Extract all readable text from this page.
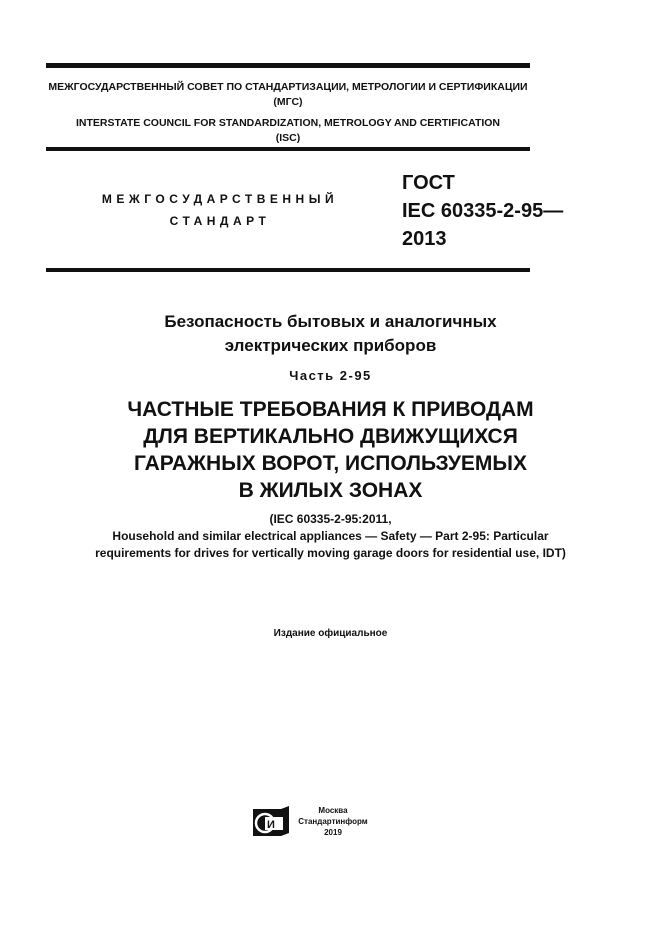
МЕЖГОСУДАРСТВЕННЫЙ СОВЕТ ПО СТАНДАРТИЗАЦИИ, МЕТРОЛОГИИ И СЕРТИФИКАЦИИ
(МГС)
INTERSTATE COUNCIL FOR STANDARDIZATION, METROLOGY AND CERTIFICATION
(ISC)
МЕЖГОСУДАРСТВЕННЫЙ
СТАНДАРТ
ГОСТ
IEC 60335-2-95—
2013
Безопасность бытовых и аналогичных
электрических приборов
Часть 2-95
ЧАСТНЫЕ ТРЕБОВАНИЯ К ПРИВОДАМ
ДЛЯ ВЕРТИКАЛЬНО ДВИЖУЩИХСЯ
ГАРАЖНЫХ ВОРОТ, ИСПОЛЬЗУЕМЫХ
В ЖИЛЫХ ЗОНАХ
(IEC 60335-2-95:2011,
Household and similar electrical appliances — Safety — Part 2-95: Particular
requirements for drives for vertically moving garage doors for residential use, IDT)
Издание официальное
И
Москва
Стандартинформ
2019
